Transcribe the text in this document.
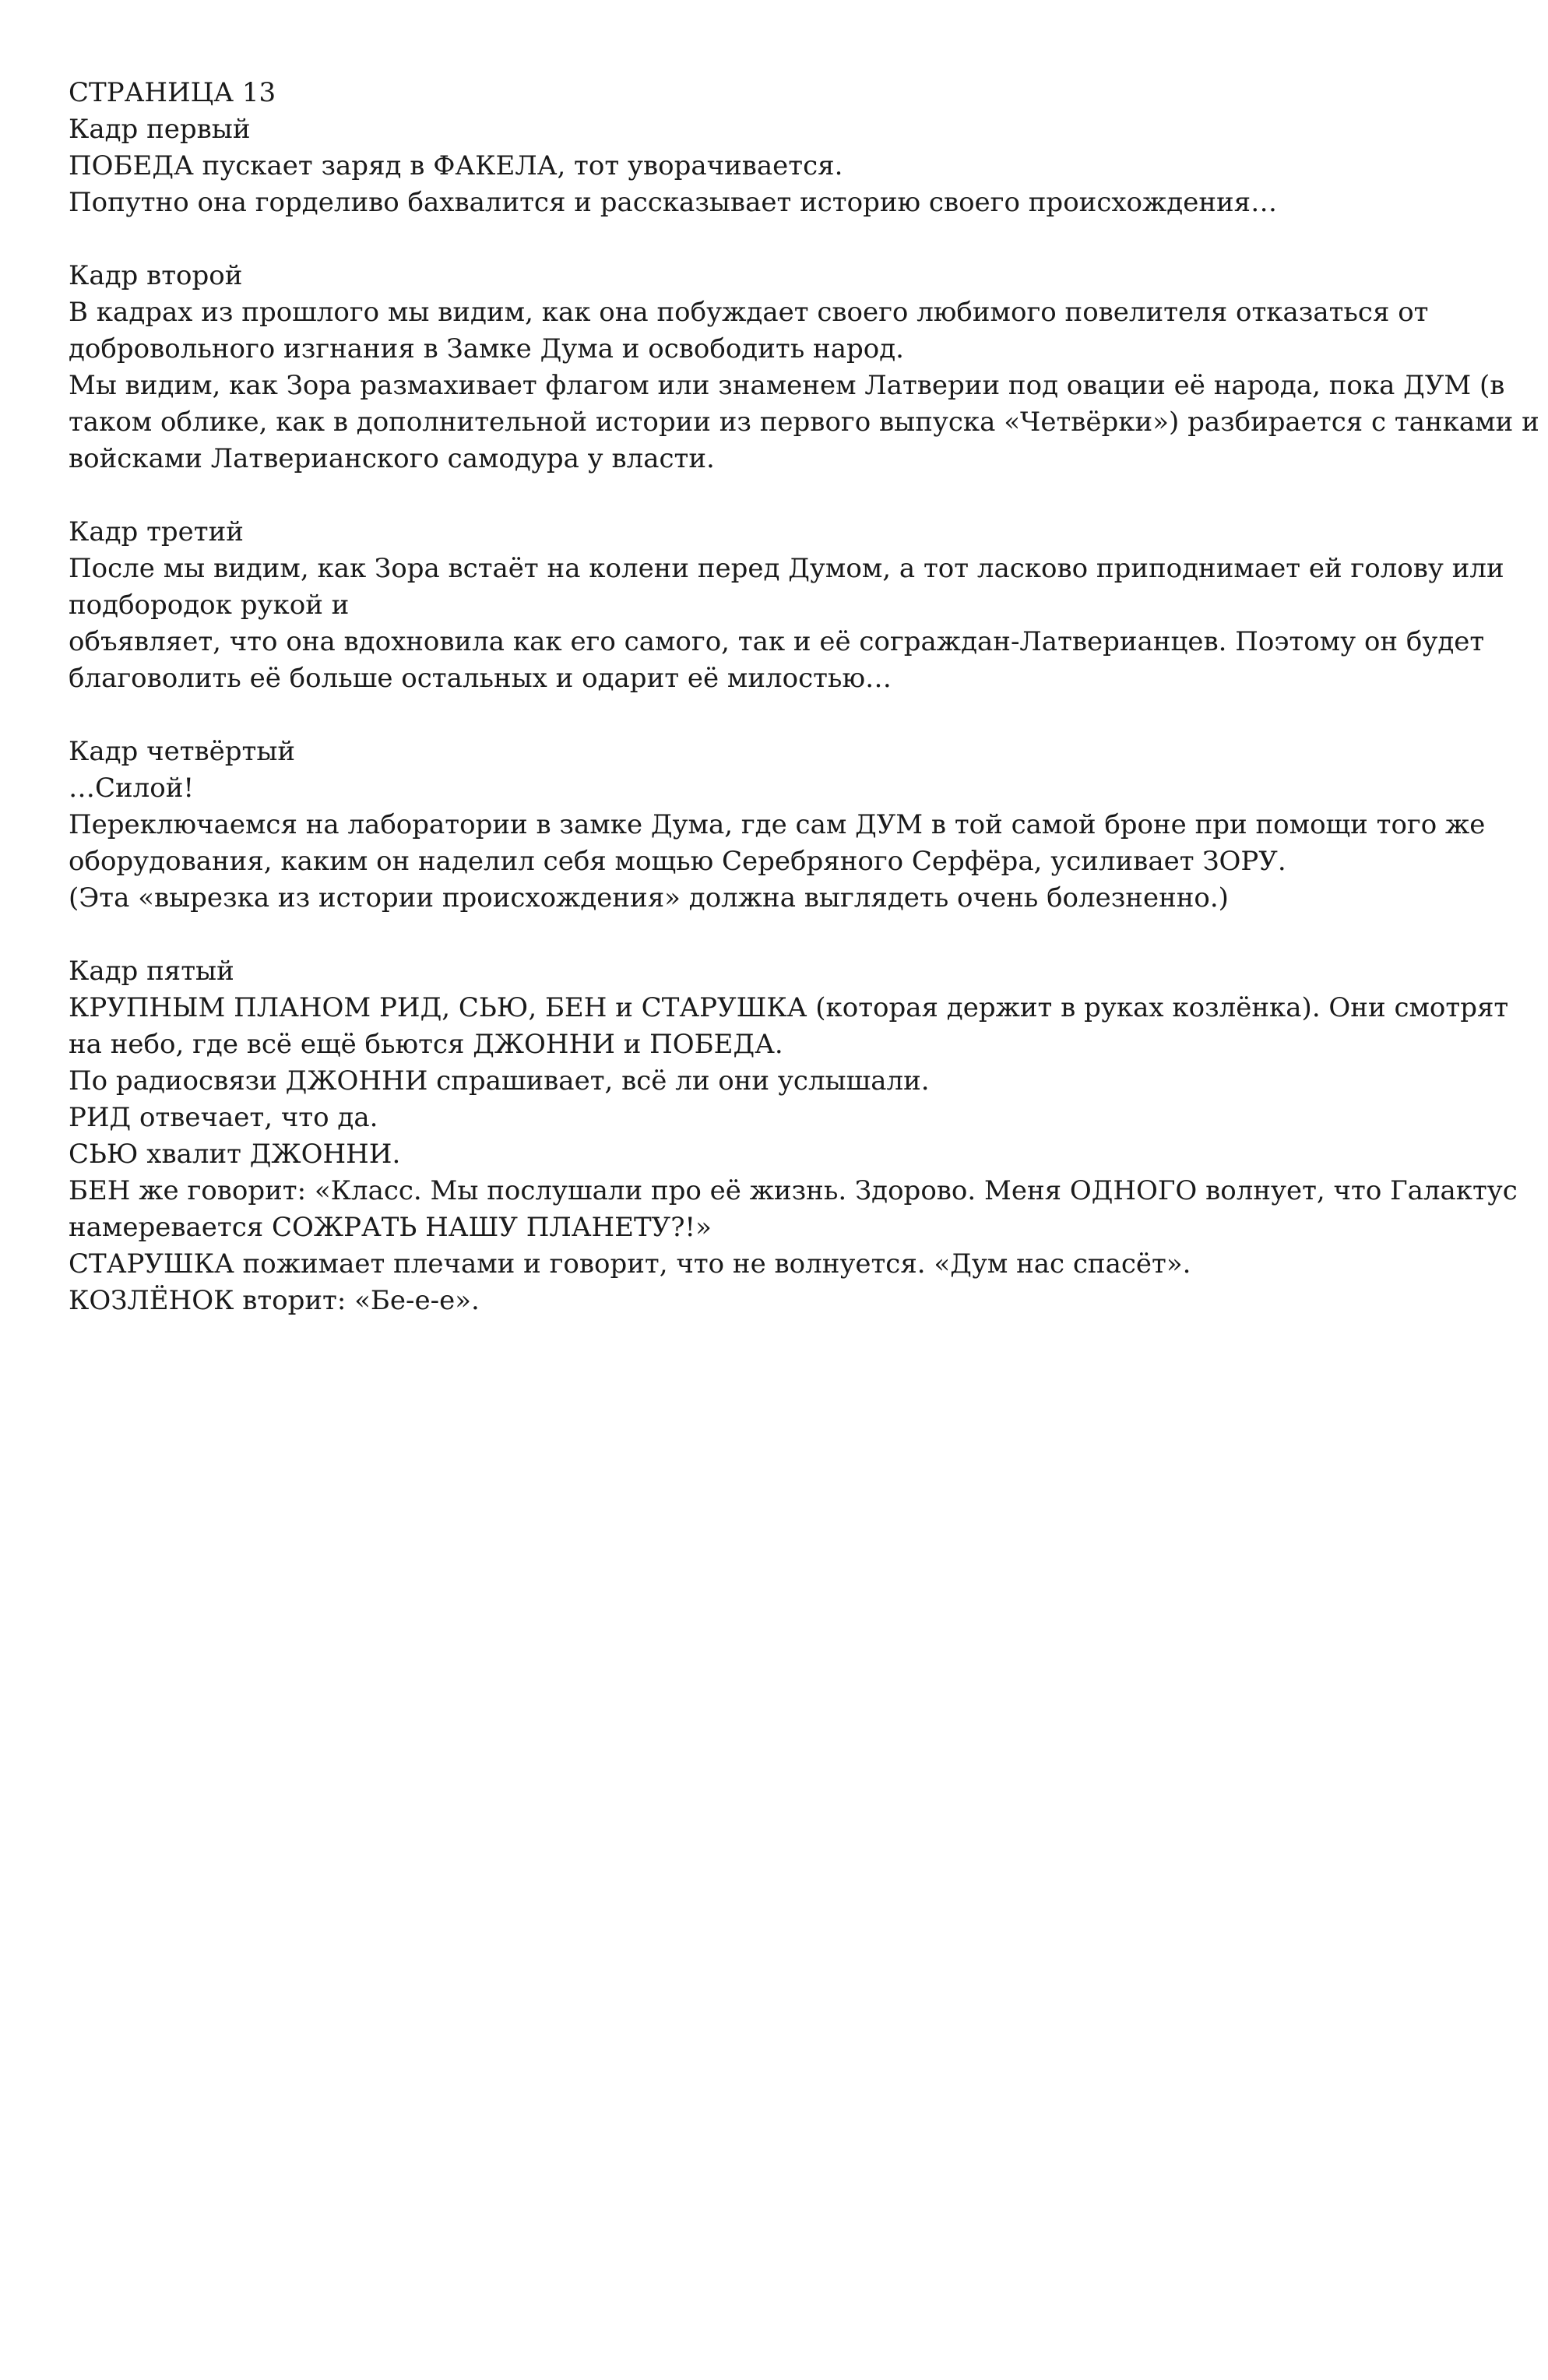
СТРАНИЦА 13
Кадр первый
ПОБЕДА пускает заряд в ФАКЕЛА, тот уворачивается.
Попутно она горделиво бахвалится и рассказывает историю своего происхождения…
Кадр второй
В кадрах из прошлого мы видим, как она побуждает своего любимого повелителя отказаться от
добровольного изгнания в Замке Дума и освободить народ.
Мы видим, как Зора размахивает флагом или знаменем Латверии под овации её народа, пока ДУМ (в
таком облике, как в дополнительной истории из первого выпуска «Четвёрки») разбирается с танками и
войсками Латверианского самодура у власти.
Кадр третий
После мы видим, как Зора встаёт на колени перед Думом, а тот ласково приподнимает ей голову или
подбородок рукой и
объявляет, что она вдохновила как его самого, так и её сограждан-Латверианцев. Поэтому он будет
благоволить её больше остальных и одарит её милостью…
Кадр четвёртый
…Силой!
Переключаемся на лаборатории в замке Дума, где сам ДУМ в той самой броне при помощи того же
оборудования, каким он наделил себя мощью Серебряного Серфёра, усиливает ЗОРУ.
(Эта «вырезка из истории происхождения» должна выглядеть очень болезненно.)
Кадр пятый
КРУПНЫМ ПЛАНОМ РИД, СЬЮ, БЕН и СТАРУШКА (которая держит в руках козлёнка). Они смотрят
на небо, где всё ещё бьются ДЖОННИ и ПОБЕДА.
По радиосвязи ДЖОННИ спрашивает, всё ли они услышали.
РИД отвечает, что да.
СЬЮ хвалит ДЖОННИ.
БЕН же говорит: «Класс. Мы послушали про её жизнь. Здорово. Меня ОДНОГО волнует, что Галактус
намеревается СОЖРАТЬ НАШУ ПЛАНЕТУ?!»
СТАРУШКА пожимает плечами и говорит, что не волнуется. «Дум нас спасёт».
КОЗЛЁНОК вторит: «Бе-е-е».
